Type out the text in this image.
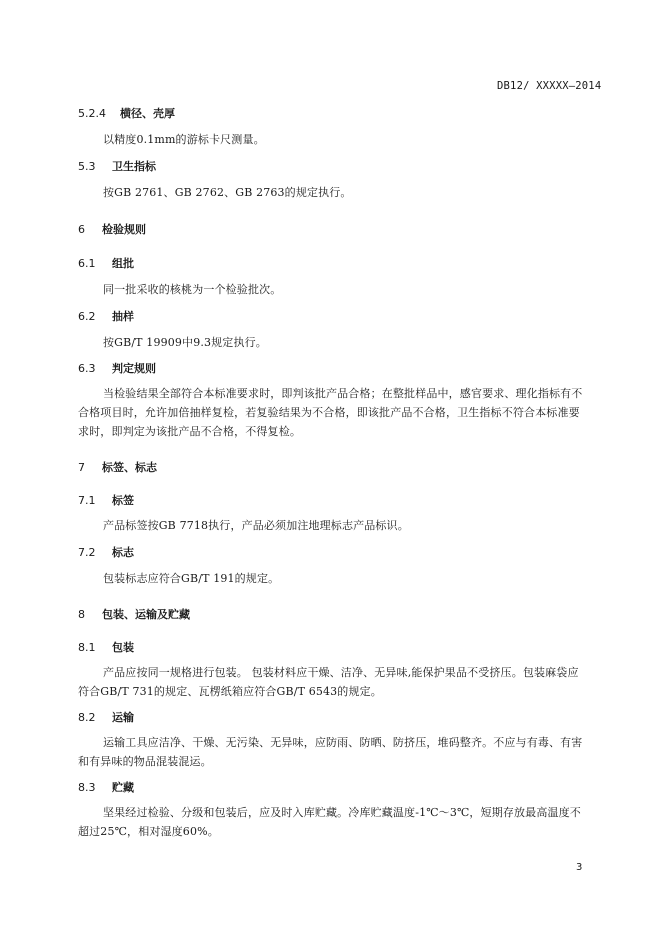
DB12/ XXXXX—2014
5.2.4 横径、壳厚
以精度0.1mm的游标卡尺测量。
5.3 卫生指标
按GB 2761、GB 2762、GB 2763的规定执行。
6 检验规则
6.1 组批
同一批采收的核桃为一个检验批次。
6.2 抽样
按GB/T 19909中9.3规定执行。
6.3 判定规则
当检验结果全部符合本标准要求时，即判该批产品合格；在整批样品中，感官要求、理化指标有不
合格项目时，允许加倍抽样复检，若复验结果为不合格，即该批产品不合格，卫生指标不符合本标准要
求时，即判定为该批产品不合格，不得复检。
7 标签、标志
7.1 标签
产品标签按GB 7718执行，产品必须加注地理标志产品标识。
7.2 标志
包装标志应符合GB/T 191的规定。
8 包装、运输及贮藏
8.1 包装
产品应按同一规格进行包装。 包装材料应干燥、洁净、无异味,能保护果品不受挤压。包装麻袋应
符合GB/T 731的规定、瓦楞纸箱应符合GB/T 6543的规定。
8.2 运输
运输工具应洁净、干燥、无污染、无异味，应防雨、防晒、防挤压，堆码整齐。不应与有毒、有害
和有异味的物品混装混运。
8.3 贮藏
坚果经过检验、分级和包装后，应及时入库贮藏。冷库贮藏温度-1℃～3℃，短期存放最高温度不
超过25℃，相对湿度60%。
3
